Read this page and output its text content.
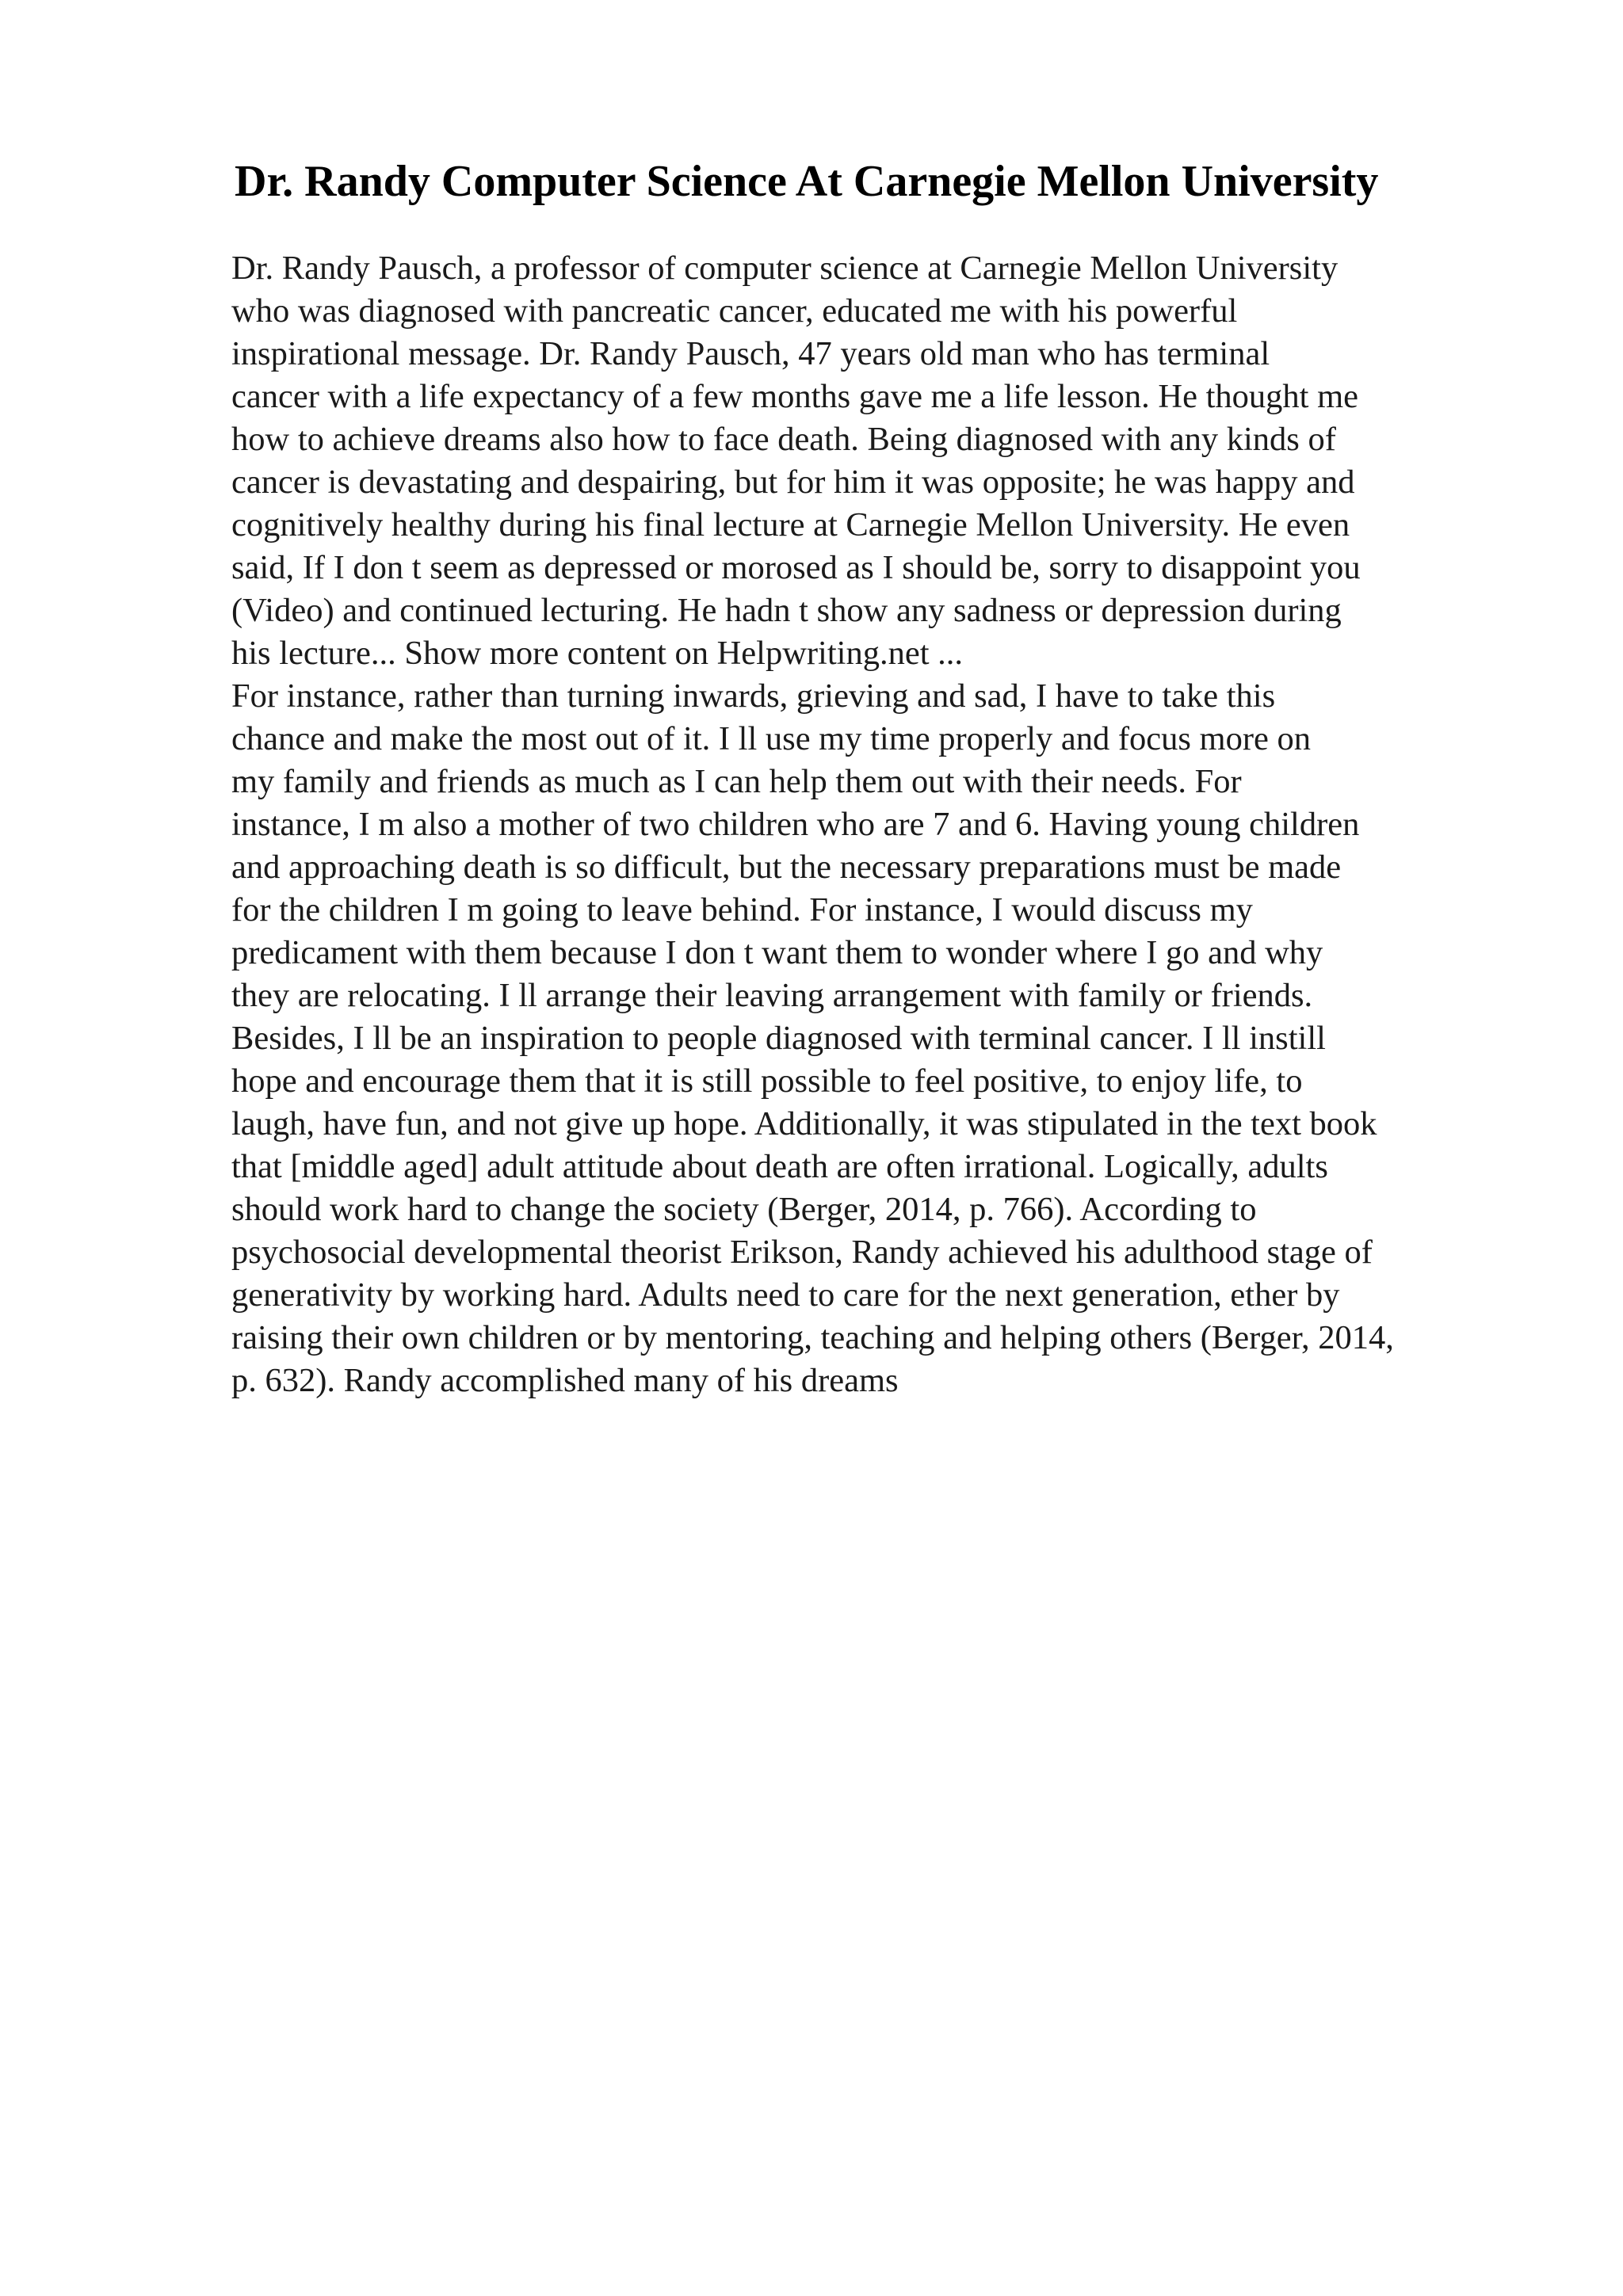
Dr. Randy Computer Science At Carnegie Mellon University
Dr. Randy Pausch, a professor of computer science at Carnegie Mellon University
who was diagnosed with pancreatic cancer, educated me with his powerful
inspirational message. Dr. Randy Pausch, 47 years old man who has terminal
cancer with a life expectancy of a few months gave me a life lesson. He thought me
how to achieve dreams also how to face death. Being diagnosed with any kinds of
cancer is devastating and despairing, but for him it was opposite; he was happy and
cognitively healthy during his final lecture at Carnegie Mellon University. He even
said, If I don t seem as depressed or morosed as I should be, sorry to disappoint you
(Video) and continued lecturing. He hadn t show any sadness or depression during
his lecture... Show more content on Helpwriting.net ...
For instance, rather than turning inwards, grieving and sad, I have to take this
chance and make the most out of it. I ll use my time properly and focus more on
my family and friends as much as I can help them out with their needs. For
instance, I m also a mother of two children who are 7 and 6. Having young children
and approaching death is so difficult, but the necessary preparations must be made
for the children I m going to leave behind. For instance, I would discuss my
predicament with them because I don t want them to wonder where I go and why
they are relocating. I ll arrange their leaving arrangement with family or friends.
Besides, I ll be an inspiration to people diagnosed with terminal cancer. I ll instill
hope and encourage them that it is still possible to feel positive, to enjoy life, to
laugh, have fun, and not give up hope. Additionally, it was stipulated in the text book
that [middle aged] adult attitude about death are often irrational. Logically, adults
should work hard to change the society (Berger, 2014, p. 766). According to
psychosocial developmental theorist Erikson, Randy achieved his adulthood stage of
generativity by working hard. Adults need to care for the next generation, ether by
raising their own children or by mentoring, teaching and helping others (Berger, 2014,
p. 632). Randy accomplished many of his dreams
